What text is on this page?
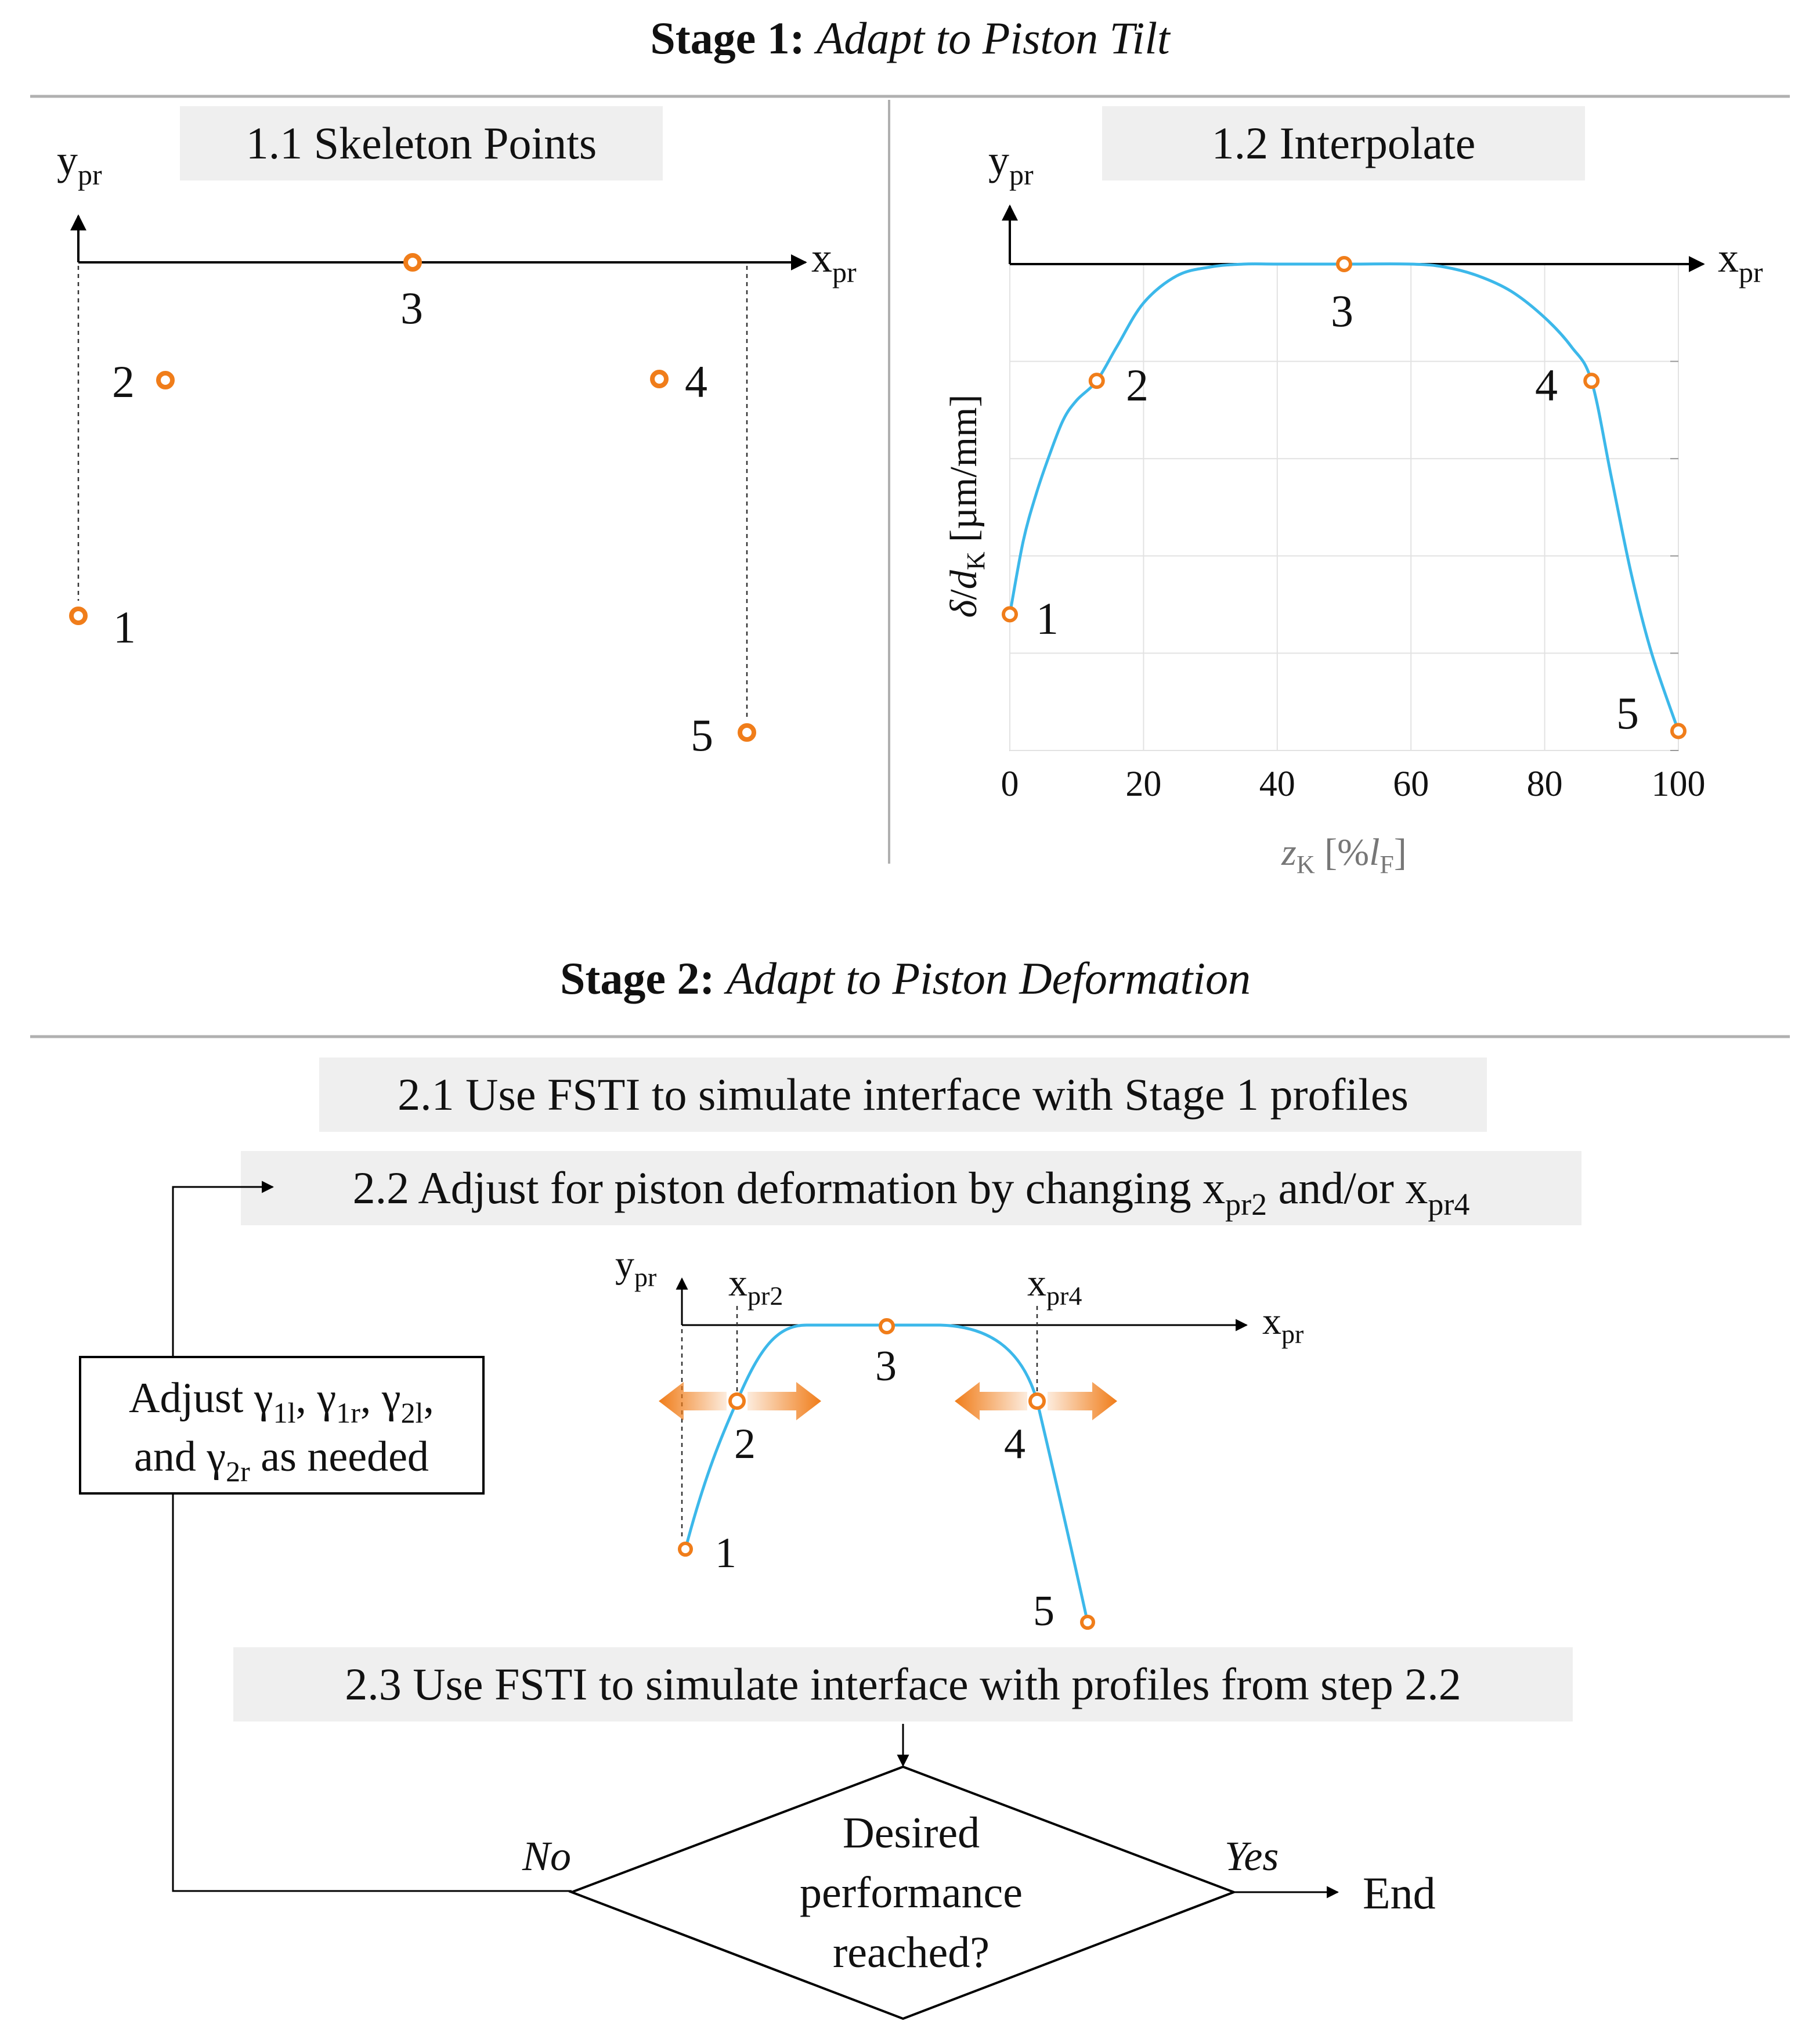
Stage 1: Adapt to Piston Tilt
1.1 Skeleton Points
$y_{pr}$
$x_{pr}$
1
2
3
4
5
1.2 Interpolate
$y_{pr}$
$x_{pr}$
0	20	40	60	80 100
$z_K$ $[\%l_F]$
$\delta/d_K$ [µm/mm]
1
2
3
4
5
Stage 2: Adapt to Piston Deformation
2.1 Use FSTI to simulate interface with Stage 1 profiles
2.2 Adjust for piston deformation by changing $x_{pr2}$ and/or $x_{pr4}$
Adjust $\gamma_{1l}$, $\gamma_{1r}$, $\gamma_{2l}$,
and $\gamma_{2r}$ as needed
$y_{pr}$
$x_{pr}$
$x_{pr2}$	$x_{pr4}$
1
2
3
4
5
2.3 Use FSTI to simulate interface with profiles from step 2.2
Desired
performance
reached?
No	Yes
End
